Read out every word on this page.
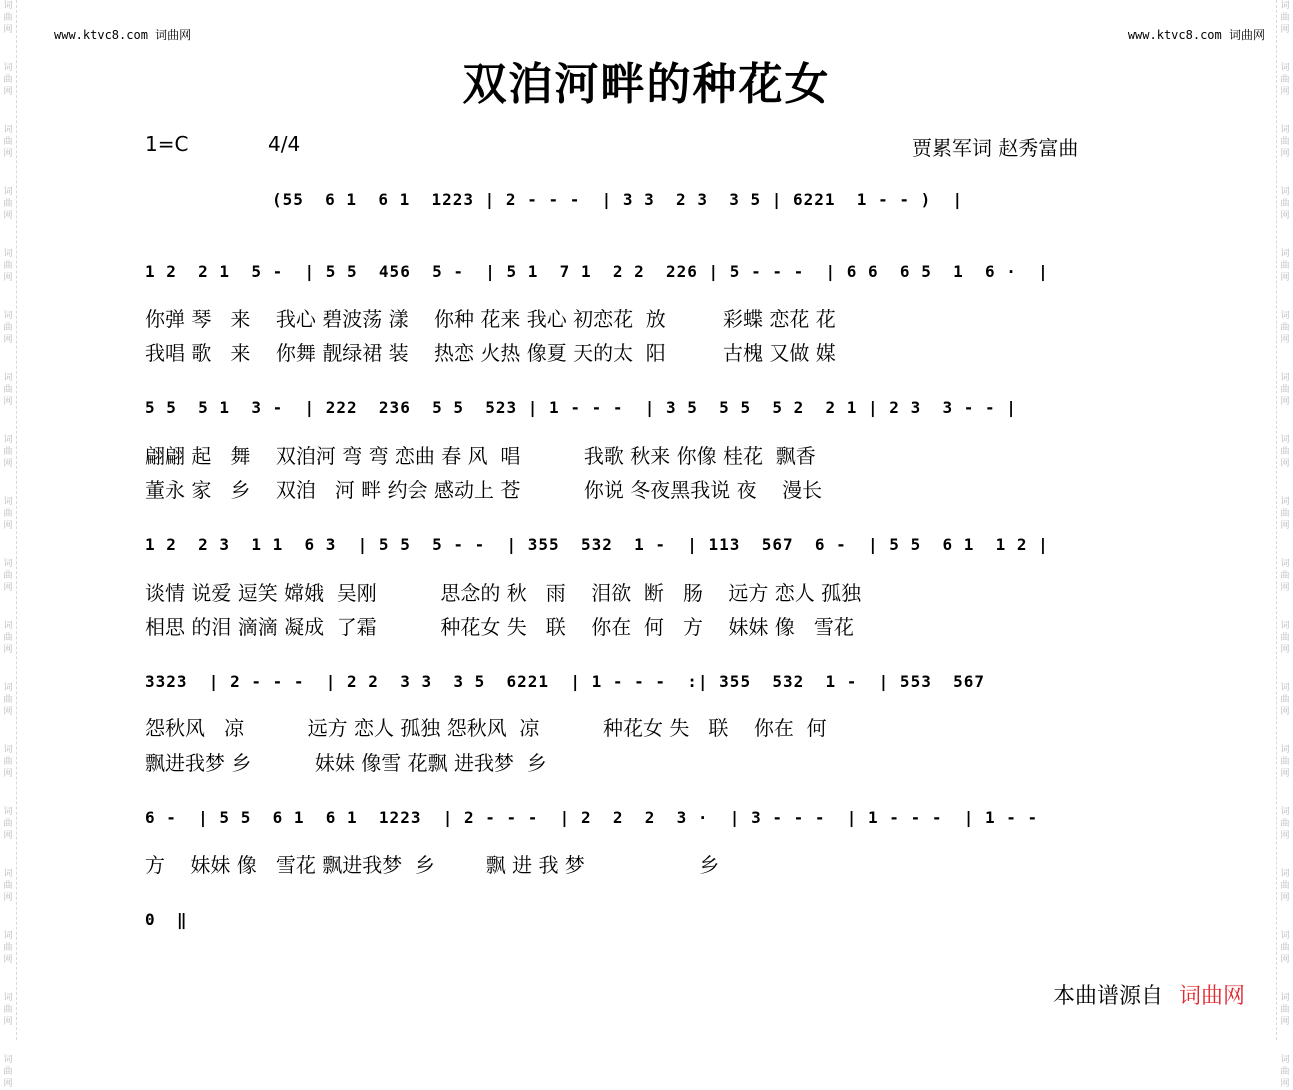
词
曲
网
词
曲
网
词
曲
网
词
曲
网
词
曲
网
词
曲
网
词
曲
网
词
曲
网
词
曲
网
词
曲
网
词
曲
网
词
曲
网
词
曲
网
词
曲
网
词
曲
网
词
曲
网
词
曲
网
词
曲
网
词
曲
网
词
曲
网
词
曲
网
词
曲
网
词
曲
网
词
曲
网
词
曲
网
词
曲
网
词
曲
网
词
曲
网
词
曲
网
词
曲
网
词
曲
网
词
曲
网
词
曲
网
词
曲
网
词
曲
网
词
曲
网
www.ktvc8.com 词曲网	www.ktvc8.com 词曲网
双洎河畔的种花女
1=C	4/4	贾累军词 赵秀富曲
(55  6 1  6 1  1223 | 2 - - -  | 3 3  2 3  3 5 | 6221  1 - - )  |
1 2  2 1  5 -  | 5 5  456  5 -  | 5 1  7 1  2 2  226 | 5 - - -  | 6 6  6 5  1  6 ·  |
你弹 琴   来    我心 碧波荡 漾    你种 花来 我心 初恋花  放         彩蝶 恋花 花
我唱 歌   来    你舞 靓绿裙 装    热恋 火热 像夏 天的太  阳         古槐 又做 媒
5 5  5 1  3 -  | 222  236  5 5  523 | 1 - - -  | 3 5  5 5  5 2  2 1 | 2 3  3 - - |
翩翩 起   舞    双洎河 弯 弯 恋曲 春 风  唱          我歌 秋来 你像 桂花  飘香
董永 家   乡    双洎   河 畔 约会 感动上 苍          你说 冬夜黑我说 夜    漫长
1 2  2 3  1 1  6 3  | 5 5  5 - -  | 355  532  1 -  | 113  567  6 -  | 5 5  6 1  1 2 |
谈情 说爱 逗笑 嫦娥  吴刚          思念的 秋   雨    泪欲  断   肠    远方 恋人 孤独
相思 的泪 滴滴 凝成  了霜          种花女 失   联    你在  何   方    妹妹 像   雪花
3323  | 2 - - -  | 2 2  3 3  3 5  6221  | 1 - - -  :| 355  532  1 -  | 553  567
怨秋风   凉          远方 恋人 孤独 怨秋风  凉          种花女 失   联    你在  何
飘进我梦 乡          妹妹 像雪 花飘 进我梦  乡
6 -  | 5 5  6 1  6 1  1223  | 2 - - -  | 2  2  2  3 ·  | 3 - - -  | 1 - - -  | 1 - -
方    妹妹 像   雪花 飘进我梦  乡        飘 进 我 梦                  乡
0  ‖
本曲谱源自 词曲网
